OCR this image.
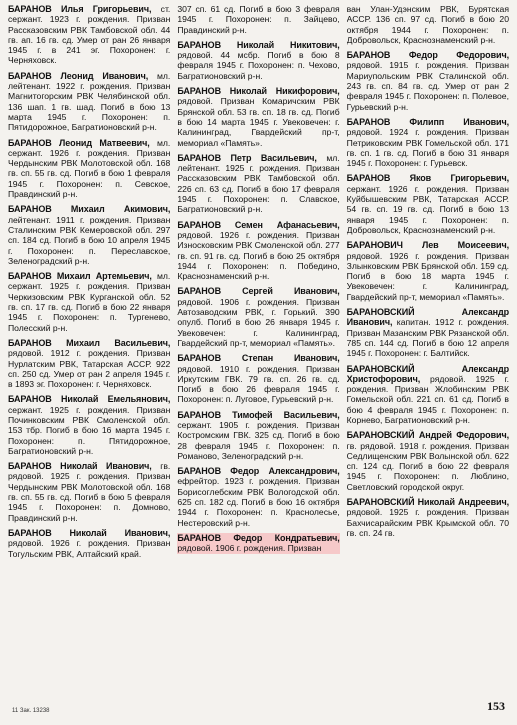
БАРАНОВ Илья Григорьевич, ст. сержант. 1923 г. рождения. Призван Рассказовским РВК Тамбовской обл. 44 гв. ап. 16 гв. сд. Умер от ран 26 января 1945 г. в 241 эг. Похоронен: г. Черняховск.

БАРАНОВ Леонид Иванович, мл. лейтенант. 1922 г. рождения. Призван Магнитогорским РВК Челябинской обл. 136 шап. 1 гв. шад. Погиб в бою 13 марта 1945 г. Похоронен: п. Пятидорожное, Багратионовский р-н.

БАРАНОВ Леонид Матвеевич, мл. сержант. 1926 г. рождения. Призван Чердынским РВК Молотовской обл. 168 гв. сп. 55 гв. сд. Погиб в бою 1 февраля 1945 г. Похоронен: п. Севское, Правдинский р-н.

БАРАНОВ Михаил Акимович, лейтенант. 1911 г. рождения. Призван Сталинским РВК Кемеровской обл. 297 сп. 184 сд. Погиб в бою 10 апреля 1945 г. Похоронен: п. Переславское, Зеленоградский р-н.

БАРАНОВ Михаил Артемьевич, мл. сержант. 1925 г. рождения. Призван Черкизовским РВК Курганской обл. 52 гв. сп. 17 гв. сд. Погиб в бою 22 января 1945 г. Похоронен: п. Тургенево, Полесский р-н.

БАРАНОВ Михаил Васильевич, рядовой. 1912 г. рождения. Призван Нурлатским РВК, Татарская АССР. 922 сп. 250 сд. Умер от ран 2 апреля 1945 г. в 1893 эг. Похоронен: г. Черняховск.

БАРАНОВ Николай Емельянович, сержант. 1925 г. рождения. Призван Починковским РВК Смоленской обл. 153 тбр. Погиб в бою 16 марта 1945 г. Похоронен: п. Пятидорожное, Багратионовский р-н.

БАРАНОВ Николай Иванович, гв. рядовой. 1925 г. рождения. Призван Чердынским РВК Молотовской обл. 168 гв. сп. 55 гв. сд. Погиб в бою 5 февраля 1945 г. Похоронен: п. Домново, Правдинский р-н.

БАРАНОВ Николай Иванович, рядовой. 1926 г. рождения. Призван Тогульским РВК, Алтайский край.

307 сп. 61 сд. Погиб в бою 3 февраля 1945 г. Похоронен: п. Зайцево, Правдинский р-н.

БАРАНОВ Николай Никитович, рядовой. 44 мсбр. Погиб в бою 8 февраля 1945 г. Похоронен: п. Чехово, Багратионовский р-н.

БАРАНОВ Николай Никифорович, рядовой. Призван Комаричским РВК Брянской обл. 53 гв. сп. 18 гв. сд. Погиб в бою 14 марта 1945 г. Увековечен: г. Калининград, Гвардейский пр-т, мемориал «Память».

БАРАНОВ Петр Васильевич, мл. лейтенант. 1925 г. рождения. Призван Рассказовским РВК Тамбовской обл. 226 сп. 63 сд. Погиб в бою 17 февраля 1945 г. Похоронен: п. Славское, Багратионовский р-н.

БАРАНОВ Семен Афанасьевич, рядовой. 1926 г. рождения. Призван Износковским РВК Смоленской обл. 277 гв. сп. 91 гв. сд. Погиб в бою 25 октября 1944 г. Похоронен: п. Победино, Краснознаменский р-н.

БАРАНОВ Сергей Иванович, рядовой. 1906 г. рождения. Призван Автозаводским РВК, г. Горький. 390 опулб. Погиб в бою 26 января 1945 г. Увековечен: г. Калининград, Гвардейский пр-т, мемориал «Память».

БАРАНОВ Степан Иванович, рядовой. 1910 г. рождения. Призван Иркутским ГВК. 79 гв. сп. 26 гв. сд. Погиб в бою 26 февраля 1945 г. Похоронен: п. Луговое, Гурьевский р-н.

БАРАНОВ Тимофей Васильевич, сержант. 1905 г. рождения. Призван Костромским ГВК. 325 сд. Погиб в бою 28 февраля 1945 г. Похоронен: п. Романово, Зеленоградский р-н.

БАРАНОВ Федор Александрович, ефрейтор. 1923 г. рождения. Призван Борисоглебским РВК Вологодской обл. 625 сп. 182 сд. Погиб в бою 16 октября 1944 г. Похоронен: п. Краснолесье, Нестеровский р-н.

БАРАНОВ Федор Кондратьевич, рядовой. 1906 г. рождения. Призван

ван Улан-Удэнским РВК, Бурятская АССР. 136 сп. 97 сд. Погиб в бою 20 октября 1944 г. Похоронен: п. Добровольск, Краснознаменский р-н.

БАРАНОВ Федор Федорович, рядовой. 1915 г. рождения. Призван Мариупольским РВК Сталинской обл. 243 гв. сп. 84 гв. сд. Умер от ран 2 февраля 1945 г. Похоронен: п. Полевое, Гурьевский р-н.

БАРАНОВ Филипп Иванович, рядовой. 1924 г. рождения. Призван Петриковским РВК Гомельской обл. 171 гв. сп. 1 гв. сд. Погиб в бою 31 января 1945 г. Похоронен: г. Гурьевск.

БАРАНОВ Яков Григорьевич, сержант. 1926 г. рождения. Призван Куйбышевским РВК, Татарская АССР. 54 гв. сп. 19 гв. сд. Погиб в бою 13 января 1945 г. Похоронен: п. Добровольск, Краснознаменский р-н.

БАРАНОВИЧ Лев Моисеевич, рядовой. 1926 г. рождения. Призван Злынковским РВК Брянской обл. 159 сд. Погиб в бою 18 марта 1945 г. Увековечен: г. Калининград, Гвардейский пр-т, мемориал «Память».

БАРАНОВСКИЙ Александр Иванович, капитан. 1912 г. рождения. Призван Мазанским РВК Рязанской обл. 785 сп. 144 сд. Погиб в бою 12 апреля 1945 г. Похоронен: г. Балтийск.

БАРАНОВСКИЙ Александр Христофорович, рядовой. 1925 г. рождения. Призван Жлобинским РВК Гомельской обл. 221 сп. 61 сд. Погиб в бою 4 февраля 1945 г. Похоронен: п. Корнево, Багратионовский р-н.

БАРАНОВСКИЙ Андрей Федорович, гв. рядовой. 1918 г. рождения. Призван Седлищенским РВК Волынской обл. 622 сп. 124 сд. Погиб в бою 22 февраля 1945 г. Похоронен: п. Люблино, Светловский городской округ.

БАРАНОВСКИЙ Николай Андреевич, рядовой. 1925 г. рождения. Призван Бахчисарайским РВК Крымской обл. 70 гв. сп. 24 гв.

11 Зак. 13238	153
